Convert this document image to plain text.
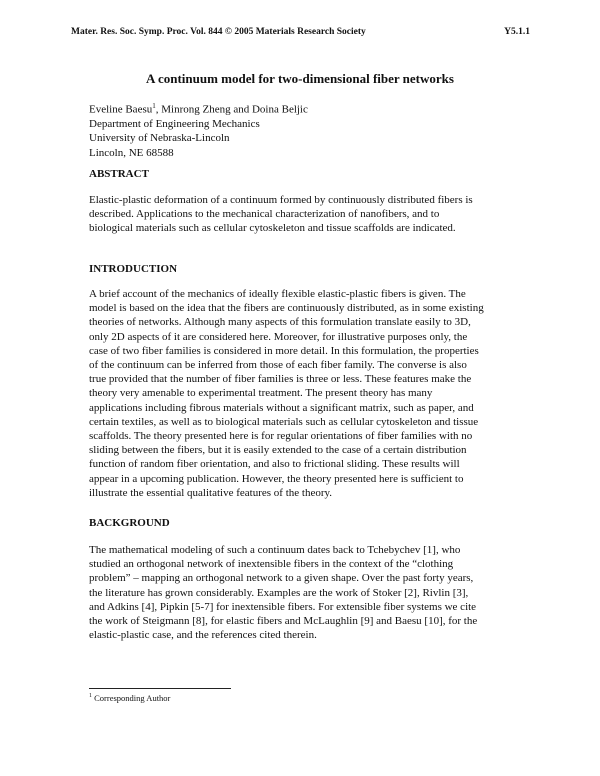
Mater. Res. Soc. Symp. Proc. Vol. 844 © 2005 Materials Research Society	Y5.1.1
A continuum model for two-dimensional fiber networks
Eveline Baesu$^1$, Minrong Zheng and Doina Beljic
Department of Engineering Mechanics
University of Nebraska-Lincoln
Lincoln, NE 68588
ABSTRACT
Elastic-plastic deformation of a continuum formed by continuously distributed fibers is
described. Applications to the mechanical characterization of nanofibers, and to
biological materials such as cellular cytoskeleton and tissue scaffolds are indicated.
INTRODUCTION
A brief account of the mechanics of ideally flexible elastic-plastic fibers is given. The
model is based on the idea that the fibers are continuously distributed, as in some existing
theories of networks. Although many aspects of this formulation translate easily to 3D,
only 2D aspects of it are considered here. Moreover, for illustrative purposes only, the
case of two fiber families is considered in more detail. In this formulation, the properties
of the continuum can be inferred from those of each fiber family. The converse is also
true provided that the number of fiber families is three or less. These features make the
theory very amenable to experimental treatment. The present theory has many
applications including fibrous materials without a significant matrix, such as paper, and
certain textiles, as well as to biological materials such as cellular cytoskeleton and tissue
scaffolds. The theory presented here is for regular orientations of fiber families with no
sliding between the fibers, but it is easily extended to the case of a certain distribution
function of random fiber orientation, and also to frictional sliding. These results will
appear in a upcoming publication. However, the theory presented here is sufficient to
illustrate the essential qualitative features of the theory.
BACKGROUND
The mathematical modeling of such a continuum dates back to Tchebychev [1], who
studied an orthogonal network of inextensible fibers in the context of the “clothing
problem” – mapping an orthogonal network to a given shape. Over the past forty years,
the literature has grown considerably. Examples are the work of Stoker [2], Rivlin [3],
and Adkins [4], Pipkin [5-7] for inextensible fibers. For extensible fiber systems we cite
the work of Steigmann [8], for elastic fibers and McLaughlin [9] and Baesu [10], for the
elastic-plastic case, and the references cited therein.
$^1$ Corresponding Author
